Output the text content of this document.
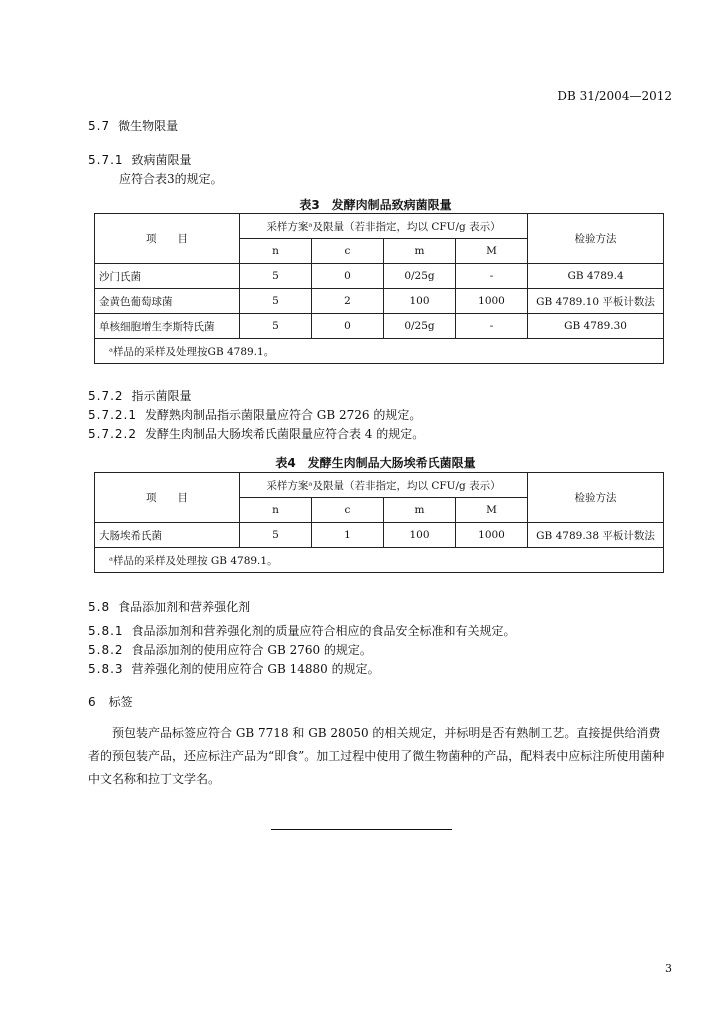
DB 31/2004—2012
5.7 微生物限量
5.7.1 致病菌限量
应符合表3的规定。
表3　发酵肉制品致病菌限量
项　　目	采样方案ᵃ及限量（若非指定，均以 CFU/g 表示）				检验方法
	n	c	m	M	
沙门氏菌	5	0	0/25g	-	GB 4789.4
金黄色葡萄球菌	5	2	100	1000	GB 4789.10 平板计数法
单核细胞增生李斯特氏菌	5	0	0/25g	-	GB 4789.30
ᵃ样品的采样及处理按GB 4789.1。					
5.7.2 指示菌限量
5.7.2.1 发酵熟肉制品指示菌限量应符合 GB 2726 的规定。
5.7.2.2 发酵生肉制品大肠埃希氏菌限量应符合表 4 的规定。
表4　发酵生肉制品大肠埃希氏菌限量
项　　目	采样方案ᵃ及限量（若非指定，均以 CFU/g 表示）				检验方法
	n	c	m	M	
大肠埃希氏菌	5	1	100	1000	GB 4789.38 平板计数法
ᵃ样品的采样及处理按 GB 4789.1。					
5.8 食品添加剂和营养强化剂
5.8.1 食品添加剂和营养强化剂的质量应符合相应的食品安全标准和有关规定。
5.8.2 食品添加剂的使用应符合 GB 2760 的规定。
5.8.3 营养强化剂的使用应符合 GB 14880 的规定。
6 标签
预包装产品标签应符合 GB 7718 和 GB 28050 的相关规定，并标明是否有熟制工艺。直接提供给消费者的预包装产品，还应标注产品为“即食”。加工过程中使用了微生物菌种的产品，配料表中应标注所使用菌种中文名称和拉丁文学名。
3
